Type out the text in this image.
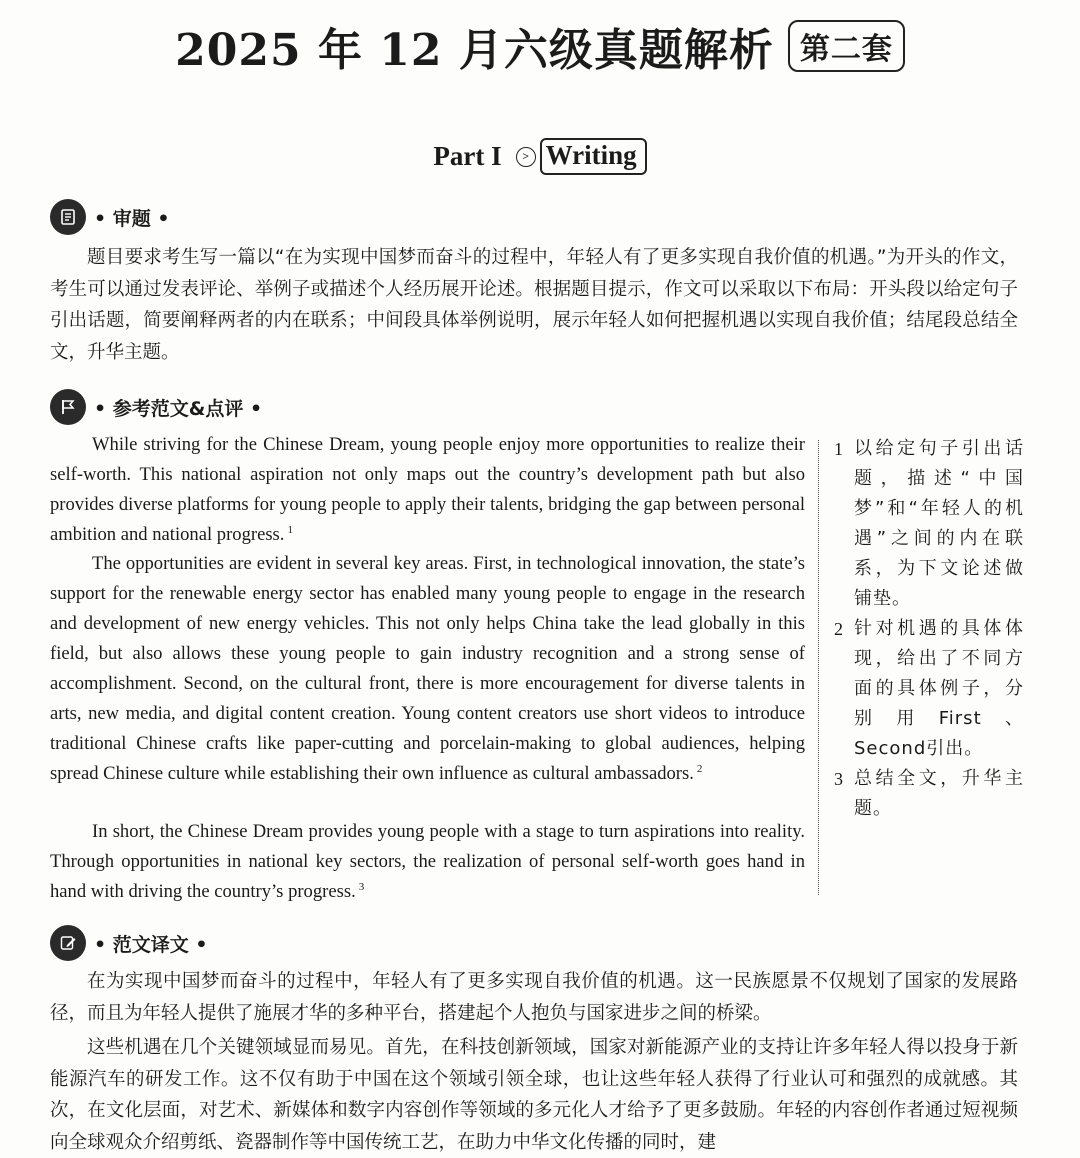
2025 年 12 月六级真题解析 第二套
Part I	> Writing
• 审题 •

题目要求考生写一篇以“在为实现中国梦而奋斗的过程中，年轻人有了更多实现自我价值的机遇。”为开头的作文，考生可以通过发表评论、举例子或描述个人经历展开论述。根据题目提示，作文可以采取以下布局：开头段以给定句子引出话题，简要阐释两者的内在联系；中间段具体举例说明，展示年轻人如何把握机遇以实现自我价值；结尾段总结全文，升华主题。

• 参考范文&点评 •

While striving for the Chinese Dream, young people enjoy more opportunities to realize their self-worth. This national aspiration not only maps out the country’s development path but also provides diverse platforms for young people to apply their talents, bridging the gap between personal ambition and national progress. $^1$

The opportunities are evident in several key areas. First, in technological innovation, the state’s support for the renewable energy sector has enabled many young people to engage in the research and development of new energy vehicles. This not only helps China take the lead globally in this field, but also allows these young people to gain industry recognition and a strong sense of accomplishment. Second, on the cultural front, there is more encouragement for diverse talents in arts, new media, and digital content creation. Young content creators use short videos to introduce traditional Chinese crafts like paper-cutting and porcelain-making to global audiences, helping spread Chinese culture while establishing their own influence as cultural ambassadors. $^2$

In short, the Chinese Dream provides young people with a stage to turn aspirations into reality. Through opportunities in national key sectors, the realization of personal self-worth goes hand in hand with driving the country’s progress. $^3$

1 以给定句子引出话题，描述“中国梦”和“年轻人的机遇”之间的内在联系，为下文论述做铺垫。
2 针对机遇的具体体现，给出了不同方面的具体例子，分别用First、Second引出。
3 总结全文，升华主题。
• 范文译文 •

在为实现中国梦而奋斗的过程中，年轻人有了更多实现自我价值的机遇。这一民族愿景不仅规划了国家的发展路径，而且为年轻人提供了施展才华的多种平台，搭建起个人抱负与国家进步之间的桥梁。

这些机遇在几个关键领域显而易见。首先，在科技创新领域，国家对新能源产业的支持让许多年轻人得以投身于新能源汽车的研发工作。这不仅有助于中国在这个领域引领全球，也让这些年轻人获得了行业认可和强烈的成就感。其次，在文化层面，对艺术、新媒体和数字内容创作等领域的多元化人才给予了更多鼓励。年轻的内容创作者通过短视频向全球观众介绍剪纸、瓷器制作等中国传统工艺，在助力中华文化传播的同时，建
